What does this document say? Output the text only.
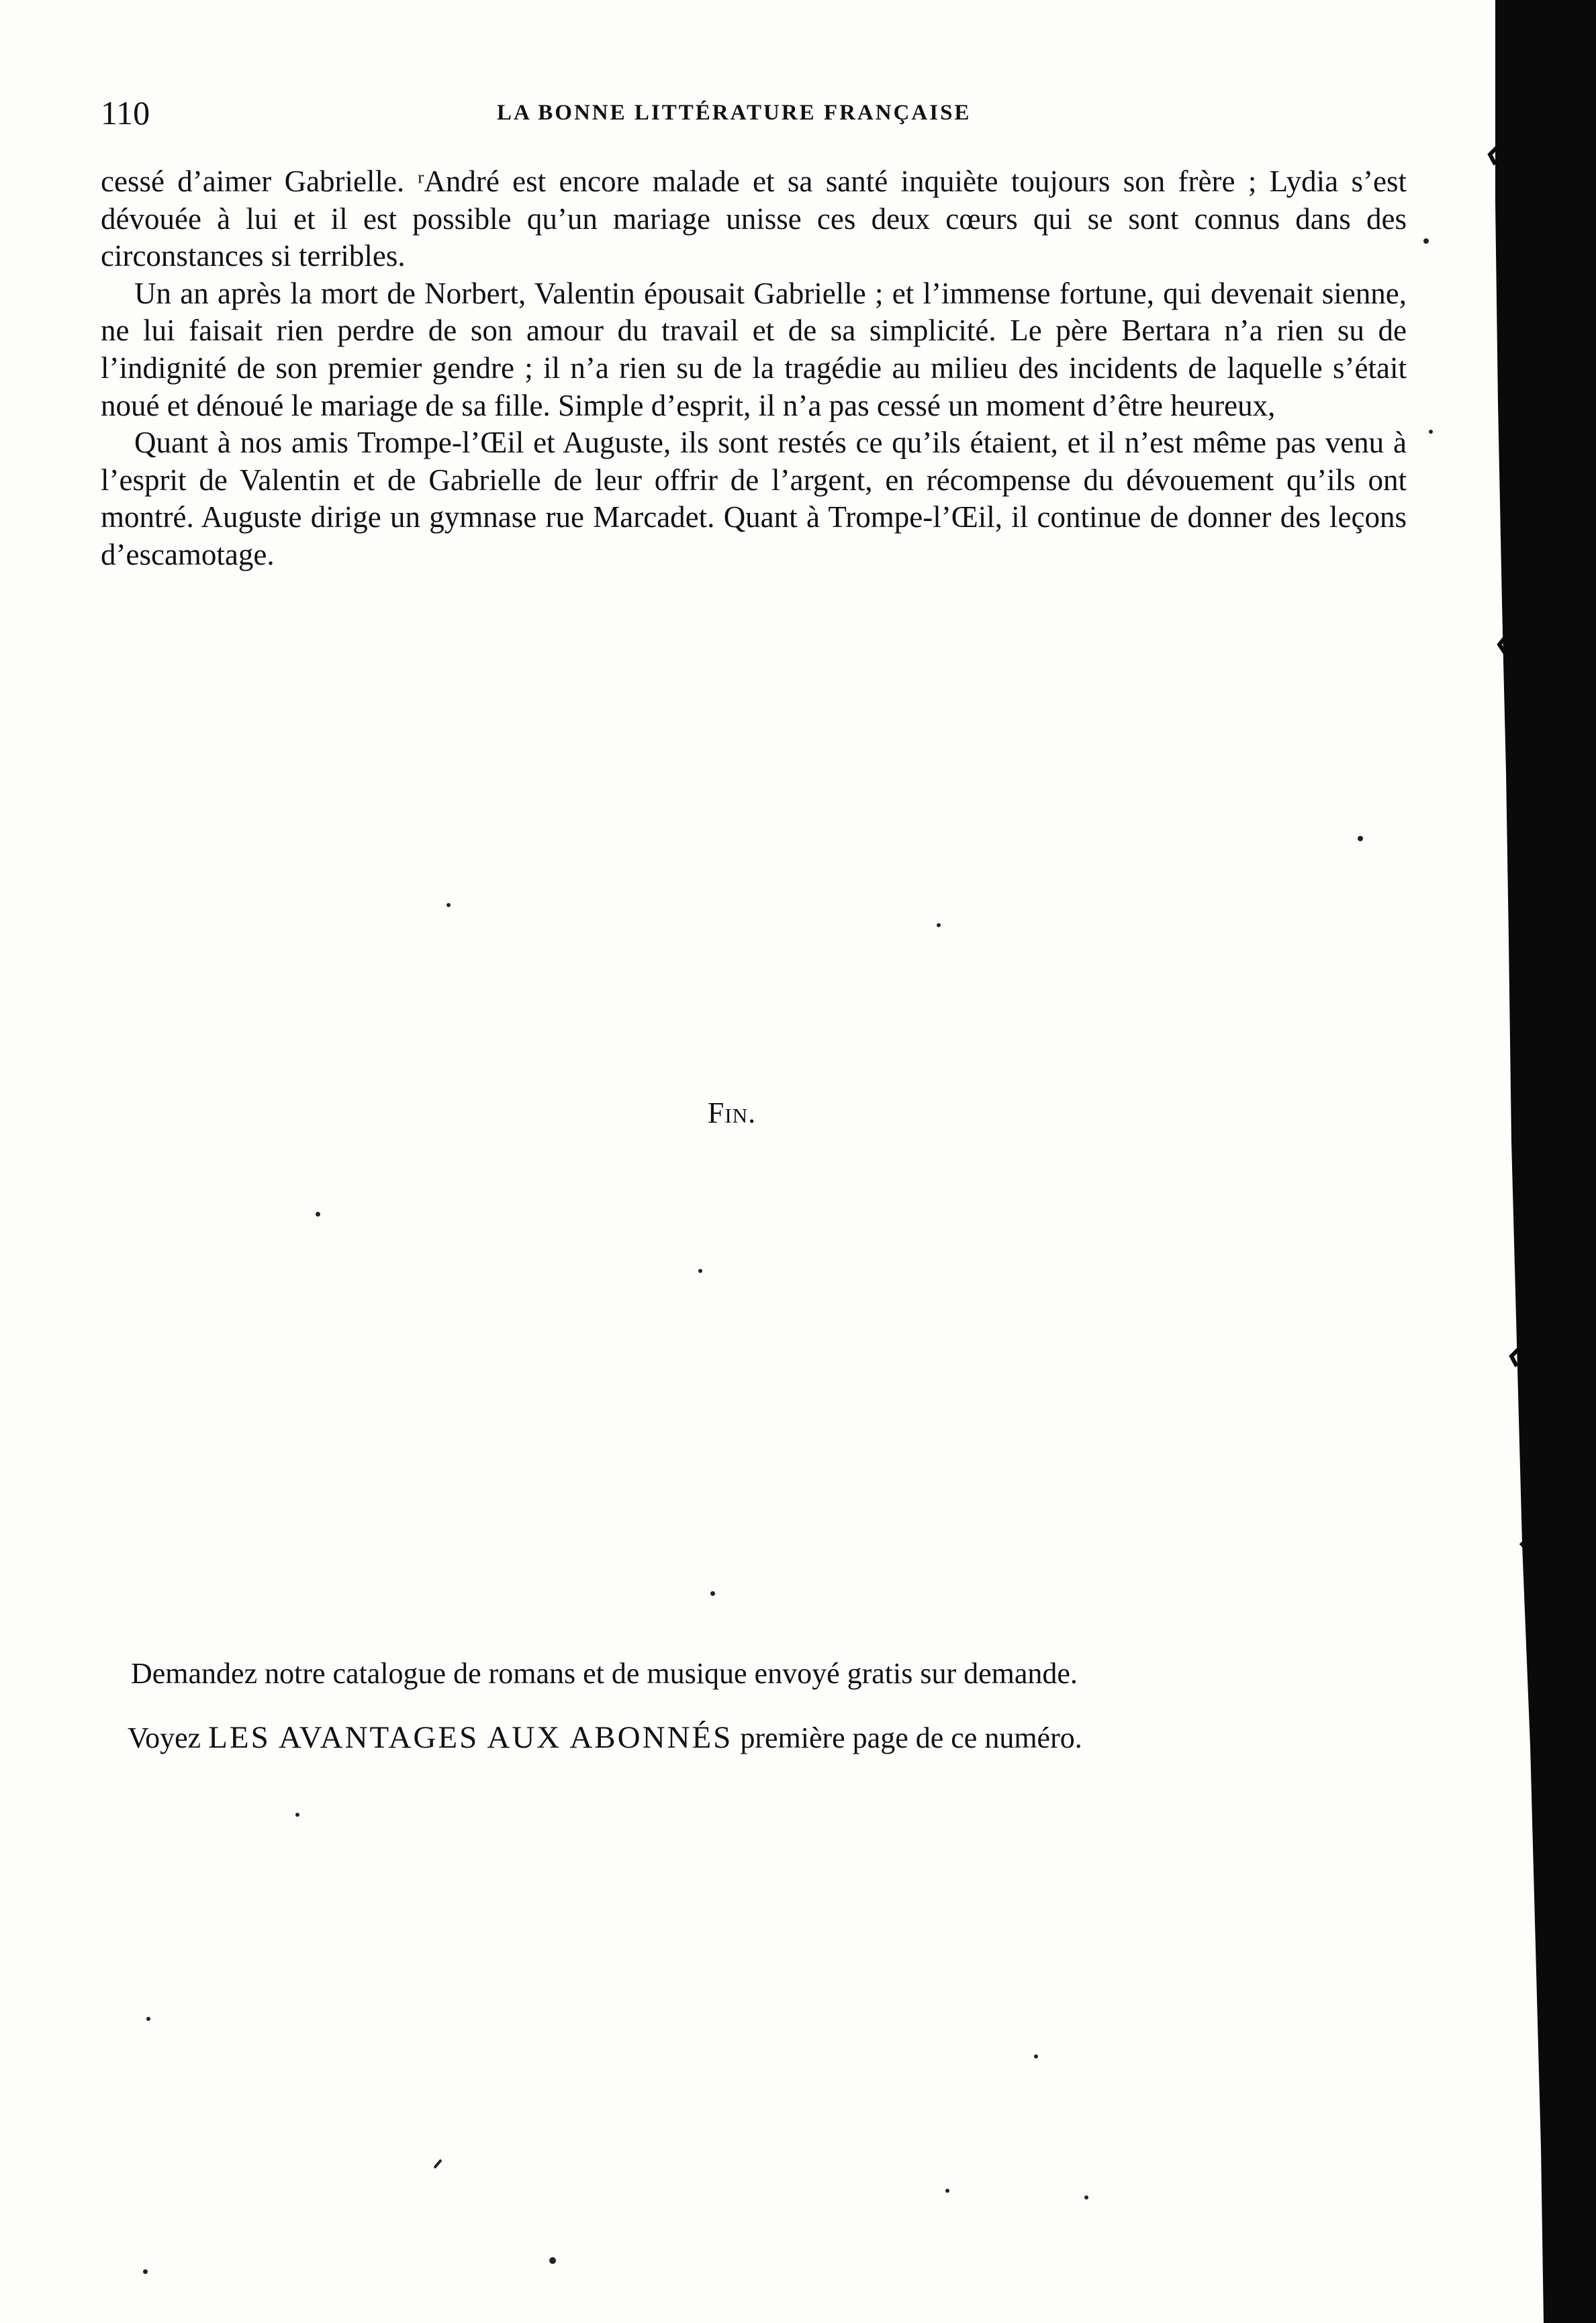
110	LA BONNE LITTÉRATURE FRANÇAISE

cessé d’aimer Gabrielle. ʳAndré est encore malade et sa santé inquiète toujours son frère ; Lydia s’est dévouée à lui et il est possible qu’un mariage unisse ces deux cœurs qui se sont connus dans des circonstances si terribles.

Un an après la mort de Norbert, Valentin épousait Gabrielle ; et l’immense fortune, qui devenait sienne, ne lui faisait rien perdre de son amour du travail et de sa simplicité. Le père Bertara n’a rien su de l’indignité de son premier gendre ; il n’a rien su de la tragédie au milieu des incidents de laquelle s’était noué et dénoué le mariage de sa fille. Simple d’esprit, il n’a pas cessé un moment d’être heureux,

Quant à nos amis Trompe-l’Œil et Auguste, ils sont restés ce qu’ils étaient, et il n’est même pas venu à l’esprit de Valentin et de Gabrielle de leur offrir de l’argent, en récompense du dévouement qu’ils ont montré. Auguste dirige un gymnase rue Marcadet. Quant à Trompe-l’Œil, il continue de donner des leçons d’escamotage.

Fin.
Demandez notre catalogue de romans et de musique envoyé gratis sur demande.
Voyez LES AVANTAGES AUX ABONNÉS première page de ce numéro.
